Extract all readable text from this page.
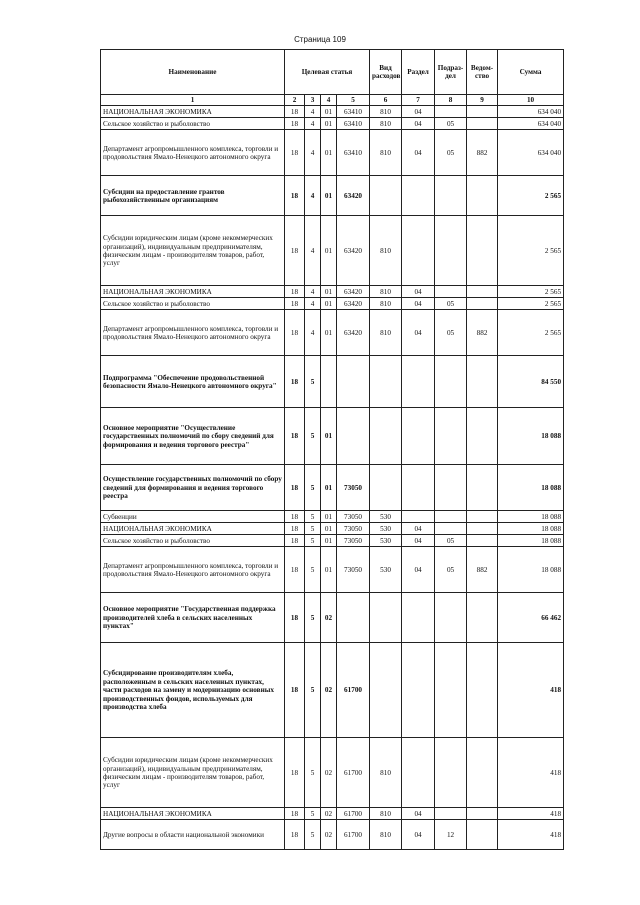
Страница 109
Наименование	Целевая статья				Вид расходов	Раздел	Подраз-дел	Ведом-ство	Сумма
1	2	3	4	5	6	7	8	9	10
НАЦИОНАЛЬНАЯ ЭКОНОМИКА	18	4	01	63410	810	04			634 040
Сельское хозяйство и рыболовство	18	4	01	63410	810	04	05		634 040
Департамент агропромышленного комплекса, торговли и продовольствия Ямало-Ненецкого автономного округа	18	4	01	63410	810	04	05	882	634 040
Субсидии на предоставление грантов рыбохозяйственным организациям	18	4	01	63420					2 565
Субсидии юридическим лицам (кроме некоммерческих организаций), индивидуальным предпринимателям, физическим лицам - производителям товаров, работ, услуг	18	4	01	63420	810				2 565
НАЦИОНАЛЬНАЯ ЭКОНОМИКА	18	4	01	63420	810	04			2 565
Сельское хозяйство и рыболовство	18	4	01	63420	810	04	05		2 565
Департамент агропромышленного комплекса, торговли и продовольствия Ямало-Ненецкого автономного округа	18	4	01	63420	810	04	05	882	2 565
Подпрограмма "Обеспечение продовольственной безопасности Ямало-Ненецкого автономного округа"	18	5							84 550
Основное мероприятие "Осуществление государственных полномочий по сбору сведений для формирования и ведения торгового реестра"	18	5	01						18 088
Осуществление государственных полномочий по сбору сведений для формирования и ведения торгового реестра	18	5	01	73050					18 088
Субвенции	18	5	01	73050	530				18 088
НАЦИОНАЛЬНАЯ ЭКОНОМИКА	18	5	01	73050	530	04			18 088
Сельское хозяйство и рыболовство	18	5	01	73050	530	04	05		18 088
Департамент агропромышленного комплекса, торговли и продовольствия Ямало-Ненецкого автономного округа	18	5	01	73050	530	04	05	882	18 088
Основное мероприятие "Государственная поддержка производителей хлеба в сельских населенных пунктах"	18	5	02						66 462
Субсидирование производителям хлеба, расположенным в сельских населенных пунктах, части расходов на замену и модернизацию основных производственных фондов, используемых для производства хлеба	18	5	02	61700					418
Субсидии юридическим лицам (кроме некоммерческих организаций), индивидуальным предпринимателям, физическим лицам - производителям товаров, работ, услуг	18	5	02	61700	810				418
НАЦИОНАЛЬНАЯ ЭКОНОМИКА	18	5	02	61700	810	04			418
Другие вопросы в области национальной экономики	18	5	02	61700	810	04	12		418
